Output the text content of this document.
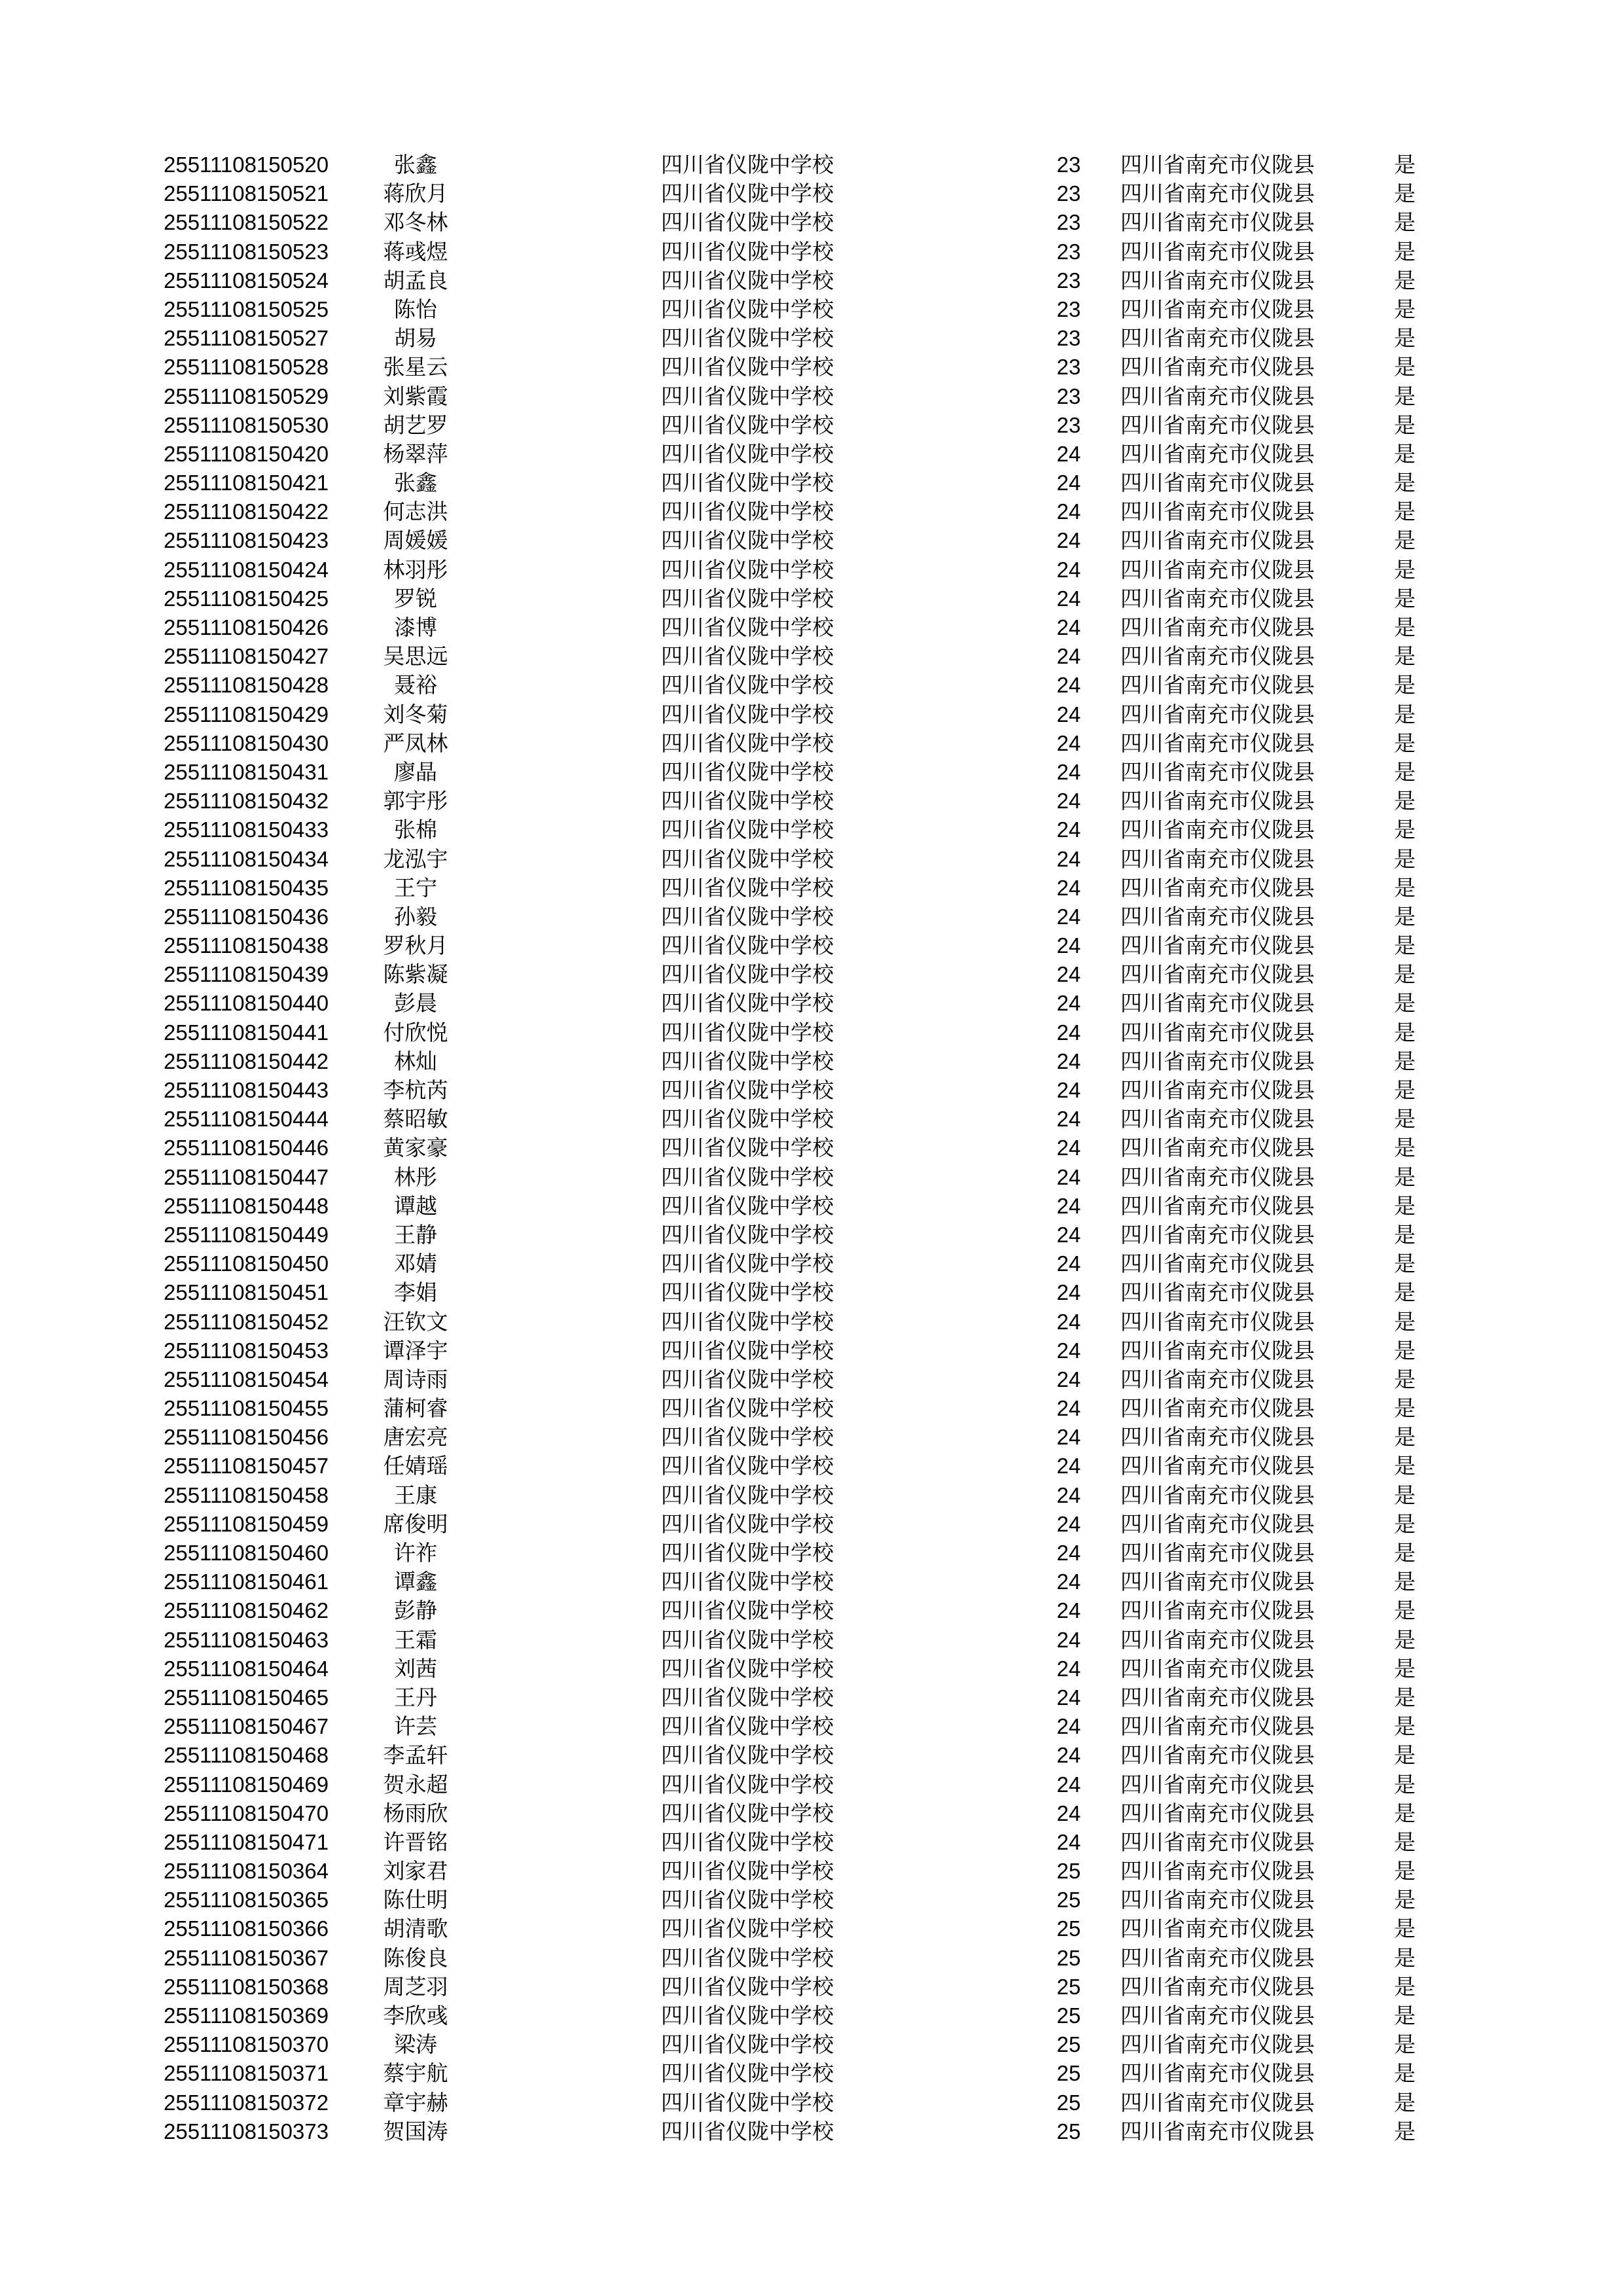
25511108150520	张鑫	四川省仪陇中学校	23	四川省南充市仪陇县	是
25511108150521	蒋欣月	四川省仪陇中学校	23	四川省南充市仪陇县	是
25511108150522	邓冬林	四川省仪陇中学校	23	四川省南充市仪陇县	是
25511108150523	蒋彧煜	四川省仪陇中学校	23	四川省南充市仪陇县	是
25511108150524	胡孟良	四川省仪陇中学校	23	四川省南充市仪陇县	是
25511108150525	陈怡	四川省仪陇中学校	23	四川省南充市仪陇县	是
25511108150527	胡易	四川省仪陇中学校	23	四川省南充市仪陇县	是
25511108150528	张星云	四川省仪陇中学校	23	四川省南充市仪陇县	是
25511108150529	刘紫霞	四川省仪陇中学校	23	四川省南充市仪陇县	是
25511108150530	胡艺罗	四川省仪陇中学校	23	四川省南充市仪陇县	是
25511108150420	杨翠萍	四川省仪陇中学校	24	四川省南充市仪陇县	是
25511108150421	张鑫	四川省仪陇中学校	24	四川省南充市仪陇县	是
25511108150422	何志洪	四川省仪陇中学校	24	四川省南充市仪陇县	是
25511108150423	周媛媛	四川省仪陇中学校	24	四川省南充市仪陇县	是
25511108150424	林羽彤	四川省仪陇中学校	24	四川省南充市仪陇县	是
25511108150425	罗锐	四川省仪陇中学校	24	四川省南充市仪陇县	是
25511108150426	漆博	四川省仪陇中学校	24	四川省南充市仪陇县	是
25511108150427	吴思远	四川省仪陇中学校	24	四川省南充市仪陇县	是
25511108150428	聂裕	四川省仪陇中学校	24	四川省南充市仪陇县	是
25511108150429	刘冬菊	四川省仪陇中学校	24	四川省南充市仪陇县	是
25511108150430	严凤林	四川省仪陇中学校	24	四川省南充市仪陇县	是
25511108150431	廖晶	四川省仪陇中学校	24	四川省南充市仪陇县	是
25511108150432	郭宇彤	四川省仪陇中学校	24	四川省南充市仪陇县	是
25511108150433	张棉	四川省仪陇中学校	24	四川省南充市仪陇县	是
25511108150434	龙泓宇	四川省仪陇中学校	24	四川省南充市仪陇县	是
25511108150435	王宁	四川省仪陇中学校	24	四川省南充市仪陇县	是
25511108150436	孙毅	四川省仪陇中学校	24	四川省南充市仪陇县	是
25511108150438	罗秋月	四川省仪陇中学校	24	四川省南充市仪陇县	是
25511108150439	陈紫凝	四川省仪陇中学校	24	四川省南充市仪陇县	是
25511108150440	彭晨	四川省仪陇中学校	24	四川省南充市仪陇县	是
25511108150441	付欣悦	四川省仪陇中学校	24	四川省南充市仪陇县	是
25511108150442	林灿	四川省仪陇中学校	24	四川省南充市仪陇县	是
25511108150443	李杭芮	四川省仪陇中学校	24	四川省南充市仪陇县	是
25511108150444	蔡昭敏	四川省仪陇中学校	24	四川省南充市仪陇县	是
25511108150446	黄家豪	四川省仪陇中学校	24	四川省南充市仪陇县	是
25511108150447	林彤	四川省仪陇中学校	24	四川省南充市仪陇县	是
25511108150448	谭越	四川省仪陇中学校	24	四川省南充市仪陇县	是
25511108150449	王静	四川省仪陇中学校	24	四川省南充市仪陇县	是
25511108150450	邓婧	四川省仪陇中学校	24	四川省南充市仪陇县	是
25511108150451	李娟	四川省仪陇中学校	24	四川省南充市仪陇县	是
25511108150452	汪钦文	四川省仪陇中学校	24	四川省南充市仪陇县	是
25511108150453	谭泽宇	四川省仪陇中学校	24	四川省南充市仪陇县	是
25511108150454	周诗雨	四川省仪陇中学校	24	四川省南充市仪陇县	是
25511108150455	蒲柯睿	四川省仪陇中学校	24	四川省南充市仪陇县	是
25511108150456	唐宏亮	四川省仪陇中学校	24	四川省南充市仪陇县	是
25511108150457	任婧瑶	四川省仪陇中学校	24	四川省南充市仪陇县	是
25511108150458	王康	四川省仪陇中学校	24	四川省南充市仪陇县	是
25511108150459	席俊明	四川省仪陇中学校	24	四川省南充市仪陇县	是
25511108150460	许祚	四川省仪陇中学校	24	四川省南充市仪陇县	是
25511108150461	谭鑫	四川省仪陇中学校	24	四川省南充市仪陇县	是
25511108150462	彭静	四川省仪陇中学校	24	四川省南充市仪陇县	是
25511108150463	王霜	四川省仪陇中学校	24	四川省南充市仪陇县	是
25511108150464	刘茜	四川省仪陇中学校	24	四川省南充市仪陇县	是
25511108150465	王丹	四川省仪陇中学校	24	四川省南充市仪陇县	是
25511108150467	许芸	四川省仪陇中学校	24	四川省南充市仪陇县	是
25511108150468	李孟轩	四川省仪陇中学校	24	四川省南充市仪陇县	是
25511108150469	贺永超	四川省仪陇中学校	24	四川省南充市仪陇县	是
25511108150470	杨雨欣	四川省仪陇中学校	24	四川省南充市仪陇县	是
25511108150471	许晋铭	四川省仪陇中学校	24	四川省南充市仪陇县	是
25511108150364	刘家君	四川省仪陇中学校	25	四川省南充市仪陇县	是
25511108150365	陈仕明	四川省仪陇中学校	25	四川省南充市仪陇县	是
25511108150366	胡清歌	四川省仪陇中学校	25	四川省南充市仪陇县	是
25511108150367	陈俊良	四川省仪陇中学校	25	四川省南充市仪陇县	是
25511108150368	周芝羽	四川省仪陇中学校	25	四川省南充市仪陇县	是
25511108150369	李欣彧	四川省仪陇中学校	25	四川省南充市仪陇县	是
25511108150370	梁涛	四川省仪陇中学校	25	四川省南充市仪陇县	是
25511108150371	蔡宇航	四川省仪陇中学校	25	四川省南充市仪陇县	是
25511108150372	章宇赫	四川省仪陇中学校	25	四川省南充市仪陇县	是
25511108150373	贺国涛	四川省仪陇中学校	25	四川省南充市仪陇县	是
